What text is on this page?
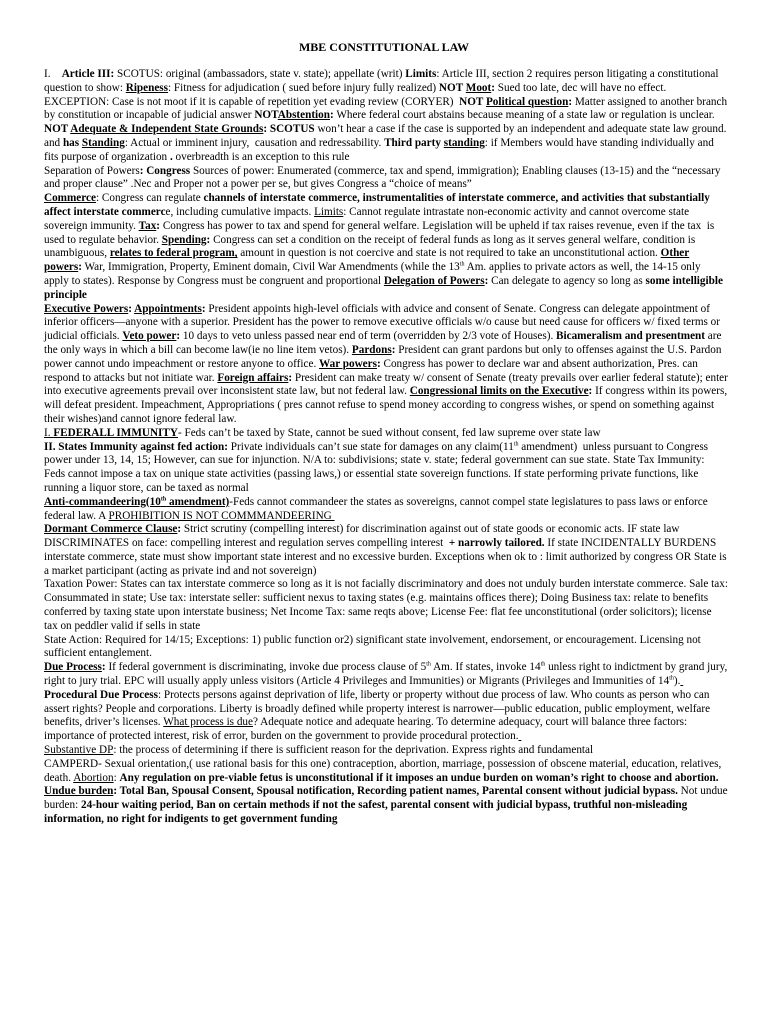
MBE CONSTITUTIONAL LAW

I. Article III: SCOTUS: original (ambassadors, state v. state); appellate (writ) Limits: Article III, section 2 requires person litigating a constitutional question to show: Ripeness: Fitness for adjudication ( sued before injury fully realized) NOT Moot: Sued too late, dec will have no effect. EXCEPTION: Case is not moot if it is capable of repetition yet evading review (CORYER)  NOT Political question: Matter assigned to another branch by constitution or incapable of judicial answer NOTAbstention: Where federal court abstains because meaning of a state law or regulation is unclear. NOT Adequate & Independent State Grounds: SCOTUS won’t hear a case if the case is supported by an independent and adequate state law ground. and has Standing: Actual or imminent injury,  causation and redressability. Third party standing: if Members would have standing individually and fits purpose of organization . overbreadth is an exception to this rule

Separation of Powers: Congress Sources of power: Enumerated (commerce, tax and spend, immigration); Enabling clauses (13-15) and the “necessary and proper clause” .Nec and Proper not a power per se, but gives Congress a “choice of means”

Commerce: Congress can regulate channels of interstate commerce, instrumentalities of interstate commerce, and activities that substantially affect interstate commerce, including cumulative impacts. Limits: Cannot regulate intrastate non-economic activity and cannot overcome state sovereign immunity. Tax: Congress has power to tax and spend for general welfare. Legislation will be upheld if tax raises revenue, even if the tax  is used to regulate behavior. Spending: Congress can set a condition on the receipt of federal funds as long as it serves general welfare, condition is unambiguous, relates to federal program, amount in question is not coercive and state is not required to take an unconstitutional action. Other powers: War, Immigration, Property, Eminent domain, Civil War Amendments (while the 13th Am. applies to private actors as well, the 14-15 only apply to states). Response by Congress must be congruent and proportional Delegation of Powers: Can delegate to agency so long as some intelligible principle

Executive Powers: Appointments: President appoints high-level officials with advice and consent of Senate. Congress can delegate appointment of inferior officers—anyone with a superior. President has the power to remove executive officials w/o cause but need cause for officers w/ fixed terms or judicial officials. Veto power: 10 days to veto unless passed near end of term (overridden by 2/3 vote of Houses). Bicameralism and presentment are the only ways in which a bill can become law(ie no line item vetos). Pardons: President can grant pardons but only to offenses against the U.S. Pardon power cannot undo impeachment or restore anyone to office. War powers: Congress has power to declare war and absent authorization, Pres. can respond to attacks but not initiate war. Foreign affairs: President can make treaty w/ consent of Senate (treaty prevails over earlier federal statute); enter into executive agreements prevail over inconsistent state law, but not federal law. Congressional limits on the Executive: If congress within its powers, will defeat president. Impeachment, Appropriations ( pres cannot refuse to spend money according to congress wishes, or spend on something against their wishes)and cannot ignore federal law.

I. FEDERALL IMMUNITY- Feds can’t be taxed by State, cannot be sued without consent, fed law supreme over state law

II. States Immunity against fed action: Private individuals can’t sue state for damages on any claim(11th amendment)  unless pursuant to Congress power under 13, 14, 15; However, can sue for injunction. N/A to: subdivisions; state v. state; federal government can sue state. State Tax Immunity: Feds cannot impose a tax on unique state activities (passing laws,) or essential state sovereign functions. If state performing private functions, like running a liquor store, can be taxed as normal

Anti-commandeering(10th amendment)-Feds cannot commandeer the states as sovereigns, cannot compel state legislatures to pass laws or enforce federal law. A PROHIBITION IS NOT COMMMANDEERING

Dormant Commerce Clause: Strict scrutiny (compelling interest) for discrimination against out of state goods or economic acts. IF state law DISCRIMINATES on face: compelling interest and regulation serves compelling interest  + narrowly tailored. If state INCIDENTALLY BURDENS interstate commerce, state must show important state interest and no excessive burden. Exceptions when ok to : limit authorized by congress OR State is a market participant (acting as private ind and not sovereign)

Taxation Power: States can tax interstate commerce so long as it is not facially discriminatory and does not unduly burden interstate commerce. Sale tax: Consummated in state; Use tax: interstate seller: sufficient nexus to taxing states (e.g. maintains offices there); Doing Business tax: relate to benefits conferred by taxing state upon interstate business; Net Income Tax: same reqts above; License Fee: flat fee unconstitutional (order solicitors); license tax on peddler valid if sells in state

State Action: Required for 14/15; Exceptions: 1) public function or2) significant state involvement, endorsement, or encouragement. Licensing not sufficient entanglement.

Due Process: If federal government is discriminating, invoke due process clause of 5th Am. If states, invoke 14th unless right to indictment by grand jury, right to jury trial. EPC will usually apply unless visitors (Article 4 Privileges and Immunities) or Migrants (Privileges and Immunities of 14th).

Procedural Due Process: Protects persons against deprivation of life, liberty or property without due process of law. Who counts as person who can assert rights? People and corporations. Liberty is broadly defined while property interest is narrower—public education, public employment, welfare benefits, driver’s licenses. What process is due? Adequate notice and adequate hearing. To determine adequacy, court will balance three factors: importance of protected interest, risk of error, burden on the government to provide procedural protection.

Substantive DP: the process of determining if there is sufficient reason for the deprivation. Express rights and fundamental

CAMPERD- Sexual orientation,( use rational basis for this one) contraception, abortion, marriage, possession of obscene material, education, relatives, death. Abortion: Any regulation on pre-viable fetus is unconstitutional if it imposes an undue burden on woman’s right to choose and abortion. Undue burden: Total Ban, Spousal Consent, Spousal notification, Recording patient names, Parental consent without judicial bypass. Not undue burden: 24-hour waiting period, Ban on certain methods if not the safest, parental consent with judicial bypass, truthful non-misleading information, no right for indigents to get government funding
